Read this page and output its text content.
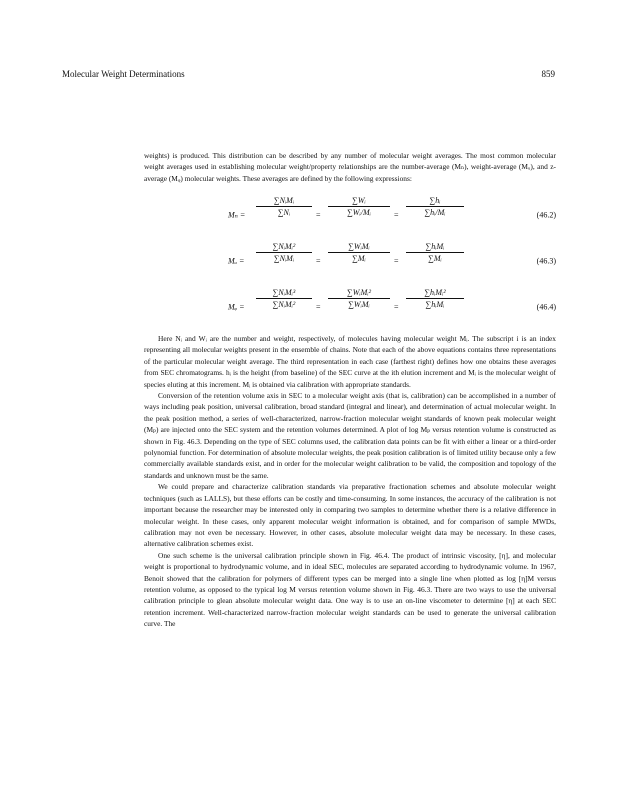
Molecular Weight Determinations	859

weights) is produced. This distribution can be described by any number of molecular weight averages. The most common molecular weight averages used in establishing molecular weight/property relationships are the number-average (Mₙ), weight-average (Mᵤ), and z-average (Mᵩ) molecular weights. These averages are defined by the following expressions:

Mₙ =
∑NᵢMᵢ
∑Nᵢ	=
∑Wᵢ
∑Wᵢ/Mᵢ	=
∑hᵢ
∑hᵢ/Mᵢ	(46.2)
Mᵤ =
∑NᵢMᵢ²
∑NᵢMᵢ	=
∑WᵢMᵢ
∑Mᵢ	=
∑hᵢMᵢ
∑Mᵢ	(46.3)
Mᵩ =
∑NᵢMᵢ³
∑NᵢMᵢ²	=
∑WᵢMᵢ²
∑WᵢMᵢ	=
∑hᵢMᵢ²
∑hᵢMᵢ	(46.4)

Here Nᵢ and Wᵢ are the number and weight, respectively, of molecules having molecular weight Mᵢ. The subscript i is an index representing all molecular weights present in the ensemble of chains. Note that each of the above equations contains three representations of the particular molecular weight average. The third representation in each case (farthest right) defines how one obtains these averages from SEC chromatograms. hᵢ is the height (from baseline) of the SEC curve at the ith elution increment and Mᵢ is the molecular weight of species eluting at this increment. Mᵢ is obtained via calibration with appropriate standards.

Conversion of the retention volume axis in SEC to a molecular weight axis (that is, calibration) can be accomplished in a number of ways including peak position, universal calibration, broad standard (integral and linear), and determination of actual molecular weight. In the peak position method, a series of well-characterized, narrow-fraction molecular weight standards of known peak molecular weight (Mₚ) are injected onto the SEC system and the retention volumes determined. A plot of log Mₚ versus retention volume is constructed as shown in Fig. 46.3. Depending on the type of SEC columns used, the calibration data points can be fit with either a linear or a third-order polynomial function. For determination of absolute molecular weights, the peak position calibration is of limited utility because only a few commercially available standards exist, and in order for the molecular weight calibration to be valid, the composition and topology of the standards and unknown must be the same.

We could prepare and characterize calibration standards via preparative fractionation schemes and absolute molecular weight techniques (such as LALLS), but these efforts can be costly and time-consuming. In some instances, the accuracy of the calibration is not important because the researcher may be interested only in comparing two samples to determine whether there is a relative difference in molecular weight. In these cases, only apparent molecular weight information is obtained, and for comparison of sample MWDs, calibration may not even be necessary. However, in other cases, absolute molecular weight data may be necessary. In these cases, alternative calibration schemes exist.

One such scheme is the universal calibration principle shown in Fig. 46.4. The product of intrinsic viscosity, [η], and molecular weight is proportional to hydrodynamic volume, and in ideal SEC, molecules are separated according to hydrodynamic volume. In 1967, Benoit showed that the calibration for polymers of different types can be merged into a single line when plotted as log [η]M versus retention volume, as opposed to the typical log M versus retention volume shown in Fig. 46.3. There are two ways to use the universal calibration principle to glean absolute molecular weight data. One way is to use an on-line viscometer to determine [η] at each SEC retention increment. Well-characterized narrow-fraction molecular weight standards can be used to generate the universal calibration curve. The
